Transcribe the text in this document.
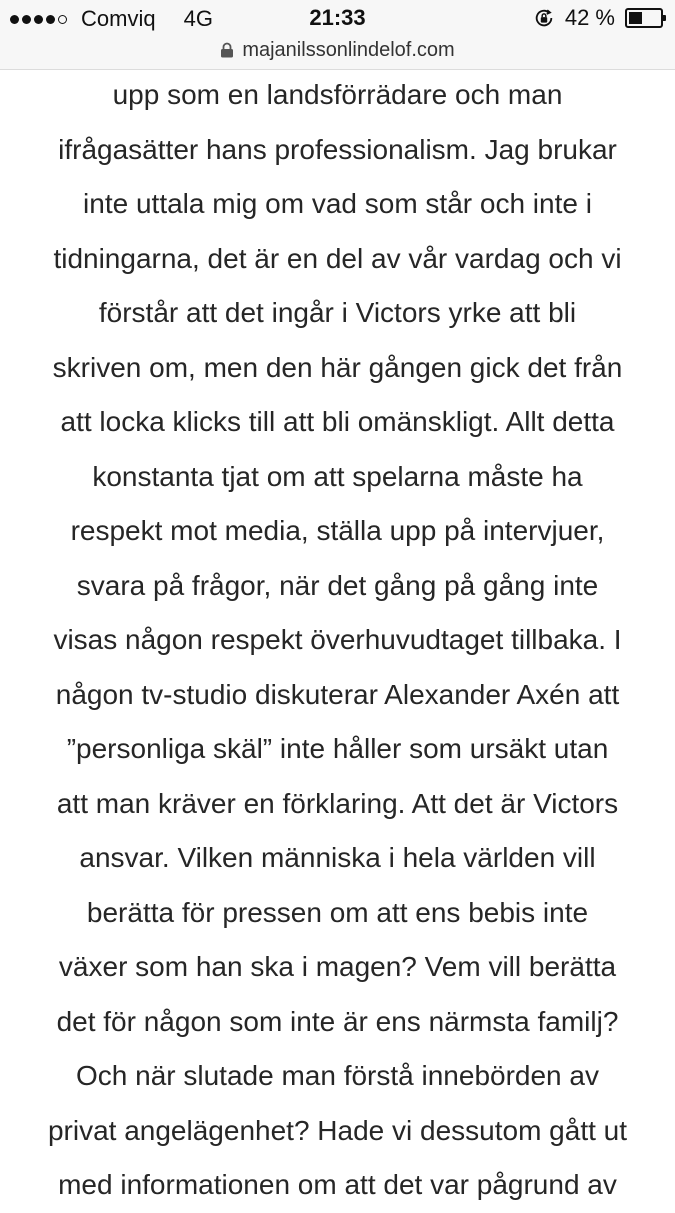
Comviq 4G	21:33	42 %
majanilssonlindelof.com
upp som en landsförrädare och man
ifrågasätter hans professionalism. Jag brukar
inte uttala mig om vad som står och inte i
tidningarna, det är en del av vår vardag och vi
förstår att det ingår i Victors yrke att bli
skriven om, men den här gången gick det från
att locka klicks till att bli omänskligt. Allt detta
konstanta tjat om att spelarna måste ha
respekt mot media, ställa upp på intervjuer,
svara på frågor, när det gång på gång inte
visas någon respekt överhuvudtaget tillbaka. I
någon tv-studio diskuterar Alexander Axén att
”personliga skäl” inte håller som ursäkt utan
att man kräver en förklaring. Att det är Victors
ansvar. Vilken människa i hela världen vill
berätta för pressen om att ens bebis inte
växer som han ska i magen? Vem vill berätta
det för någon som inte är ens närmsta familj?
Och när slutade man förstå innebörden av
privat angelägenhet? Hade vi dessutom gått ut
med informationen om att det var pågrund av
